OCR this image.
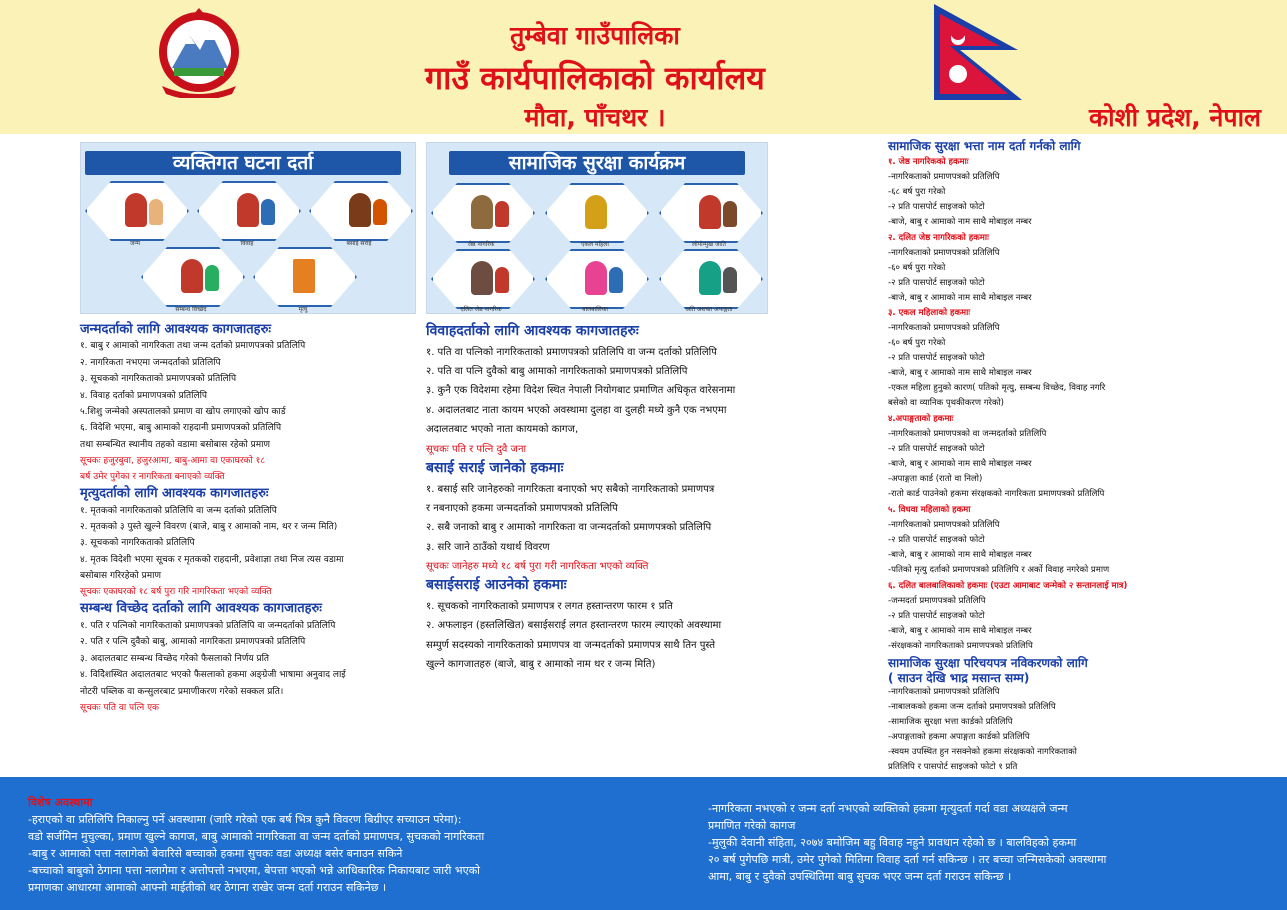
तुम्बेवा गाउँपालिका
गाउँ कार्यपालिकाको कार्यालय
मौवा, पाँचथर ।	कोशी प्रदेश, नेपाल
व्यक्तिगत घटना दर्ता
जन्म	विवाह	बसाई सराई
सम्बन्ध विच्छेद	मृत्यु
सामाजिक सुरक्षा कार्यक्रम
जेष्ठ नागरिक	एकल महिला	लोपोन्मुख जाति
दलित जेष्ठ नागरिक	बालबालिका	अति अशक्त अपाङ्गता
जन्मदर्ताको लागि आवश्यक कागजातहरुः
१. बाबु र आमाको नागरिकता तथा जन्म दर्ताको प्रमाणपत्रको प्रतिलिपि
२. नागरिकता नभएमा जन्मदर्ताको प्रतिलिपि
३. सूचकको नागरिकताको प्रमाणपत्रको प्रतिलिपि
४. विवाह दर्ताको प्रमाणपत्रको प्रतिलिपि
५.शिशु जन्मेको अस्पतालको प्रमाण वा खोप लगाएको खोप कार्ड
६. विदेशि भएमा, बाबु आमाको राहदानी प्रमाणपत्रको प्रतिलिपि
तथा सम्बन्धित स्थानीय तहको वडामा बसोबास रहेको प्रमाण
सूचकः हजुरबुवा, हजुरआमा, बाबु-आमा वा एकाघरको १८
बर्ष उमेर पुगेका र नागरिकता बनाएको व्यक्ति
मृत्युदर्ताको लागि आवश्यक कागजातहरुः
१. मृतकको नागरिकताको प्रतिलिपि वा जन्म दर्ताको प्रतिलिपि
२. मृतकको ३ पुस्ते खुल्ने विवरण (बाजे, बाबु र आमाको नाम, थर र जन्म मिति)
३. सूचकको नागरिकताको प्रतिलिपि
४. मृतक विदेशी भएमा सूचक र मृतकको राहदानी, प्रवेशाज्ञा तथा निज त्यस वडामा
बसोबास गरिरहेको प्रमाण
सूचकः एकाघरको १८ बर्ष पुरा गरि नागरिकता भएको व्यक्ति
सम्बन्ध विच्छेद दर्ताको लागि आवश्यक कागजातहरुः
१. पति र पत्निको नागरिकताको प्रमाणपत्रको प्रतिलिपि वा जन्मदर्ताको प्रतिलिपि
२. पति र पत्नि दुवैको बाबु, आमाको नागरिकता प्रमाणपत्रको प्रतिलिपि
३. अदालतबाट सम्बन्ध विच्छेद गरेको फैसलाको निर्णय प्रति
४. विदिेशस्थित अदालतबाट भएको फैसलाको हकमा अङ्ग्रेजी भाषामा अनुवाद लाई
नोटरी पब्लिक वा कन्सुलरबाट प्रमाणीकरण गरेको सक्कल प्रति।
सूचकः पति वा पत्नि एक
विवाहदर्ताको लागि आवश्यक कागजातहरुः
१. पति वा पत्निको नागरिकताको प्रमाणपत्रको प्रतिलिपि वा जन्म दर्ताको प्रतिलिपि
२. पति वा पत्नि दुवैको बाबु आमाको नागरिकताको प्रमाणपत्रको प्रतिलिपि
३. कुनै एक विदेशमा रहेमा विदेश स्थित नेपाली नियोगबाट प्रमाणित अधिकृत वारेसनामा
४. अदालतबाट नाता कायम भएको अवस्थामा दुलहा वा दुलही मध्ये कुनै एक नभएमा
अदालतबाट भएको नाता कायमको कागज,
सूचकः पति र पत्नि दुवै जना
बसाई सराई जानेको हकमाः
१. बसाई सरि जानेहरुको नागरिकता बनाएको भए सबैको नागरिकताको प्रमाणपत्र
र नबनाएको हकमा जन्मदर्ताको प्रमाणपत्रको प्रतिलिपि
२. सबै जनाको बाबु र आमाको नागरिकता वा जन्मदर्ताको प्रमाणपत्रको प्रतिलिपि
३. सरि जाने ठाउँको यथार्थ विवरण
सूचकः जानेहरु मध्ये १८ बर्ष पुरा गरी नागरिकता भएको व्यक्ति
बसाईसराई आउनेको हकमाः
१. सूचकको नागरिकताको प्रमाणपत्र र लगत हस्तान्तरण फारम १ प्रति
२. अफलाइन (हस्तलिखित) बसाईसराई लगत हस्तान्तरण फारम ल्याएको अवस्थामा
सम्पुर्ण सदस्यको नागरिकताको प्रमाणपत्र वा जन्मदर्ताको प्रमाणपत्र साथै तिन पुस्ते
खुल्ने कागजातहरु (बाजे, बाबु र आमाको नाम थर र जन्म मिति)
सामाजिक सुरक्षा भत्ता नाम दर्ता गर्नको लागि
१. जेष्ठ नागरिकको हकमाः
-नागरिकताको प्रमाणपत्रको प्रतिलिपि
-६८ बर्ष पुरा गरेको
-२ प्रति पासपोर्ट साइजको फोटो
-बाजे, बाबु र आमाको नाम साथै मोबाइल नम्बर
२. दलित जेष्ठ नागरिकको हकमाः
-नागरिकताको प्रमाणपत्रको प्रतिलिपि
-६० बर्ष पुरा गरेको
-२ प्रति पासपोर्ट साइजको फोटो
-बाजे, बाबु र आमाको नाम साथै मोबाइल नम्बर
३. एकल महिलाको हकमाः
-नागरिकताको प्रमाणपत्रको प्रतिलिपि
-६० बर्ष पुरा गरेको
-२ प्रति पासपोर्ट साइजको फोटो
-बाजे, बाबु र आमाको नाम साथै मोबाइल नम्बर
-एकल महिला हुनुको कारण( पतिको मृत्यु, सम्बन्ध विच्छेद, विवाह नगरि
बसेको वा व्यानिक पृथकीकरण गरेको)
४.अपाङ्गताको हकमाः
-नागरिकताको प्रमाणपत्रको वा जन्मदर्ताको प्रतिलिपि
-२ प्रति पासपोर्ट साइजको फोटो
-बाजे, बाबु र आमाको नाम साथै मोबाइल नम्बर
-अपाङ्गता कार्ड (रातो वा निलो)
-रातो कार्ड पाउनेको हकमा संरक्षकको नागरिकता प्रमाणपत्रको प्रतिलिपि
५. विधवा महिलाको हकमा
-नागरिकताको प्रमाणपत्रको प्रतिलिपि
-२ प्रति पासपोर्ट साइजको फोटो
-बाजे, बाबु र आमाको नाम साथै मोबाइल नम्बर
-पतिको मृत्यु दर्ताको प्रमाणपत्रको प्रतिलिपि र अर्को विवाह नगरेको प्रमाण
६. दलित बालबालिकाको हकमाः (एउटा आमाबाट जन्मेको २ सन्तानलाई मात्र)
-जन्मदर्ता प्रमाणपत्रको प्रतिलिपि
-२ प्रति पासपोर्ट साइजको फोटो
-बाजे, बाबु र आमाको नाम साथै मोबाइल नम्बर
-संरक्षकको नागरिकताको प्रमाणपत्रको प्रतिलिपि
सामाजिक सुरक्षा परिचयपत्र नविकरणको लागि
( साउन देखि भाद्र मसान्त सम्म)
-नागरिकताको प्रमाणपत्रको प्रतिलिपि
-नाबालकको हकमा जन्म दर्ताको प्रमाणपत्रको प्रतिलिपि
-सामाजिक सुरक्षा भत्ता कार्डको प्रतिलिपि
-अपाङ्गताको हकमा अपाङ्गता कार्डको प्रतिलिपि
-स्वयम उपस्थित हुन नसक्नेको हकमा संरक्षकको नागरिकताको
प्रतिलिपि र पासपोर्ट साइजको फोटो १ प्रति
विशेष अवस्थामा
-हराएको वा प्रतिलिपि निकाल्नु पर्ने अवस्थामा (जारि गरेको एक बर्ष भित्र कुनै विवरण बिग्रीएर सच्याउन परेमा):
वडो सर्जमिन मुचुल्का, प्रमाण खुल्ने कागज, बाबु आमाको नागरिकता वा जन्म दर्ताको प्रमाणपत्र, सुचकको नागरिकता
-बाबु र आमाको पत्ता नलागेको बेवारिसे बच्चाको हकमा सुचकः वडा अध्यक्ष बसेर बनाउन सकिने
-बच्चाको बाबुको ठेगाना पत्ता नलागेमा र अत्तोपत्तो नभएमा, बेपत्ता भएको भन्ने आधिकारिक निकायबाट जारी भएको
प्रमाणका आधारमा आमाको आफ्नो माईतीको थर ठेगाना राखेर जन्म दर्ता गराउन सकिनेछ ।
-नागरिकता नभएको र जन्म दर्ता नभएको व्यक्तिको हकमा मृत्युदर्ता गर्दा वडा अध्यक्षले जन्म
प्रमाणित गरेको कागज
-मुलुकी देवानी संहिता, २०७४ बमोजिम बहु विवाह नहुने प्रावधान रहेको छ । बालविहको हकमा
२० बर्ष पुगेपछि मात्री, उमेर पुगेको मितिमा विवाह दर्ता गर्न सकिन्छ । तर बच्चा जन्मिसकेको अवस्थामा
आमा, बाबु र दुवैको उपस्थितिमा बाबु सुचक भएर जन्म दर्ता गराउन सकिन्छ ।
